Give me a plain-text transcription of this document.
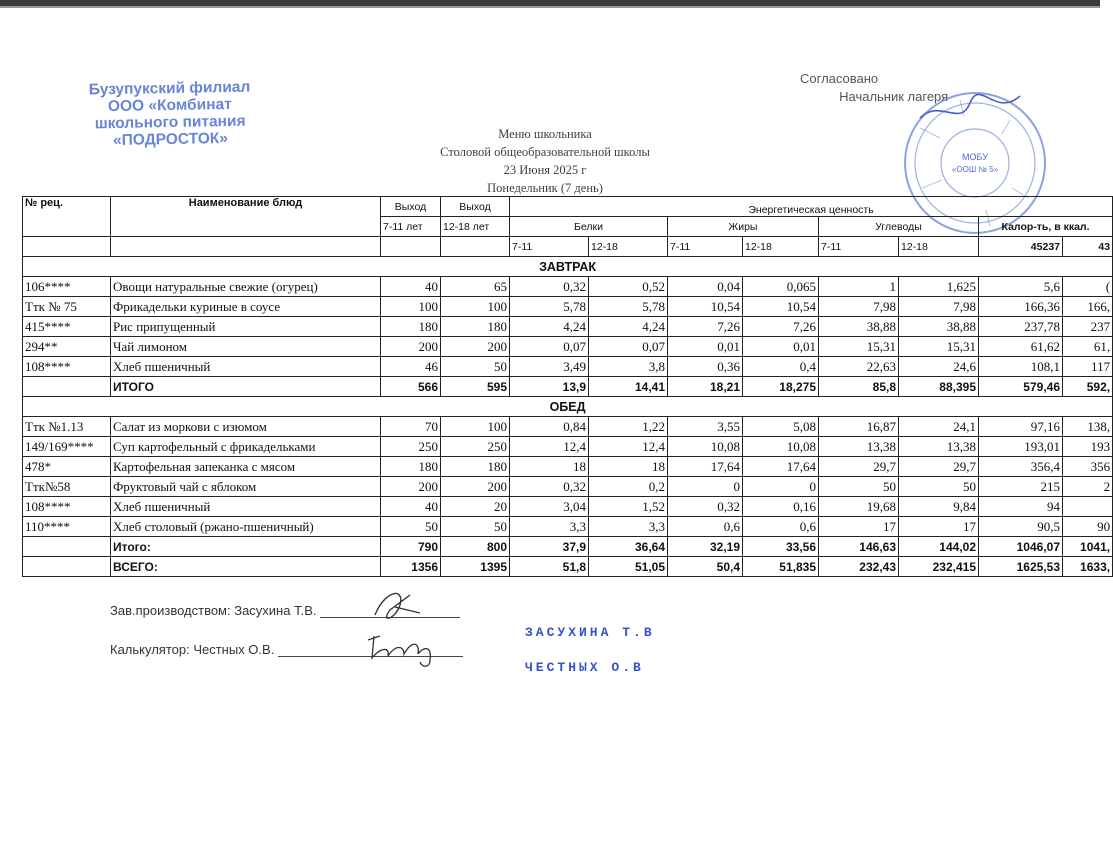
Бузупукский филиал
ООО «Комбинат
школьного питания
«ПОДРОСТОК»
Согласовано
Начальник лагеря
МОБУ
«ООШ № 5»
Меню школьника
Столовой общеобразовательной школы
23 Июня 2025 г
Понедельник (7 день)
№ рец.	Наименование блюд	Выход	Выход	Энергетическая ценность							
		7-11 лет	12-18 лет	Белки		Жиры		Углеводы		Калор-ть, в ккал.	
				7-11	12-18	7-11	12-18	7-11	12-18	45237	43
ЗАВТРАК											
106****	Овощи натуральные свежие (огурец)	40	65	0,32	0,52	0,04	0,065	1	1,625	5,6	(
Ттк № 75	Фрикадельки куриные в соусе	100	100	5,78	5,78	10,54	10,54	7,98	7,98	166,36	166,
415****	Рис припущенный	180	180	4,24	4,24	7,26	7,26	38,88	38,88	237,78	237
294**	Чай лимоном	200	200	0,07	0,07	0,01	0,01	15,31	15,31	61,62	61,
108****	Хлеб пшеничный	46	50	3,49	3,8	0,36	0,4	22,63	24,6	108,1	117
	ИТОГО	566	595	13,9	14,41	18,21	18,275	85,8	88,395	579,46	592,
ОБЕД											
Ттк №1.13	Салат из моркови с изюмом	70	100	0,84	1,22	3,55	5,08	16,87	24,1	97,16	138,
149/169****	Суп картофельный с фрикадельками	250	250	12,4	12,4	10,08	10,08	13,38	13,38	193,01	193
478*	Картофельная запеканка с мясом	180	180	18	18	17,64	17,64	29,7	29,7	356,4	356
Ттк№58	Фруктовый чай с яблоком	200	200	0,32	0,2	0	0	50	50	215	2
108****	Хлеб пшеничный	40	20	3,04	1,52	0,32	0,16	19,68	9,84	94	
110****	Хлеб столовый (ржано-пшеничный)	50	50	3,3	3,3	0,6	0,6	17	17	90,5	90
	Итого:	790	800	37,9	36,64	32,19	33,56	146,63	144,02	1046,07	1041,
	ВСЕГО:	1356	1395	51,8	51,05	50,4	51,835	232,43	232,415	1625,53	1633,
Зав.производством: Засухина Т.В.
Калькулятор: Честных О.В.
ЗАСУХИНА Т.В
ЧЕСТНЫХ О.В
